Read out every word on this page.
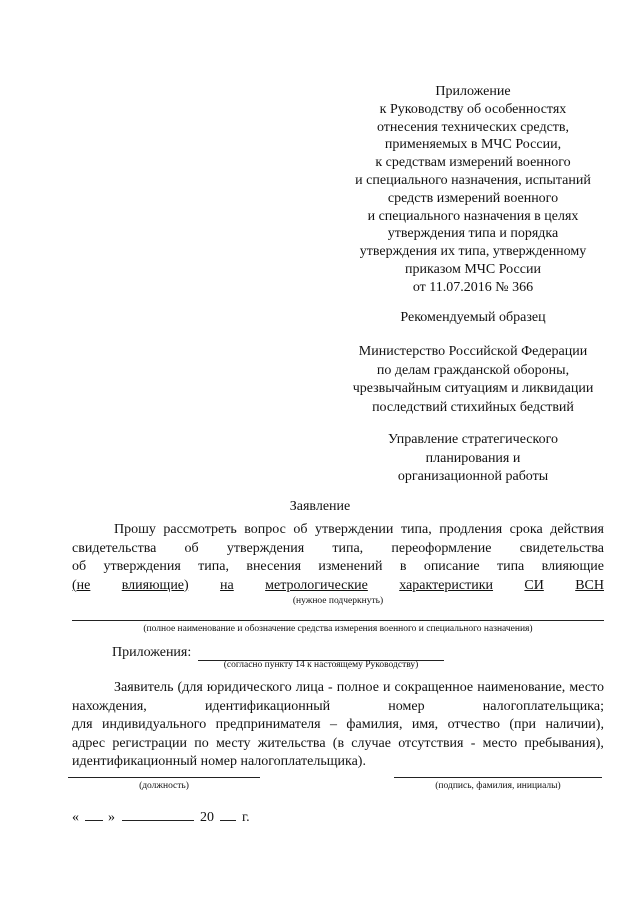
Приложение
к Руководству об особенностях
отнесения технических средств,
применяемых в МЧС России,
к средствам измерений военного
и специального назначения, испытаний
средств измерений военного
и специального назначения в целях
утверждения типа и порядка
утверждения их типа, утвержденному
приказом МЧС России
от 11.07.2016 № 366
Рекомендуемый образец
Министерство Российской Федерации
по делам гражданской обороны,
чрезвычайным ситуациям и ликвидации
последствий стихийных бедствий
Управление стратегического
планирования и
организационной работы
Заявление
Прошу рассмотреть вопрос об утверждении типа, продления срока действия
свидетельства об утверждения типа, переоформление свидетельства
об утверждения типа, внесения изменений в описание типа влияющие
(не влияющие) на метрологические характеристики СИ ВСН
(нужное подчеркнуть)
(полное наименование и обозначение средства измерения военного и специального назначения)
Приложения:
(согласно пункту 14 к настоящему Руководству)
Заявитель (для юридического лица - полное и сокращенное наименование, место
нахождения,	идентификационный	номер	налогоплательщика;
для индивидуального предпринимателя – фамилия, имя, отчество (при наличии),
адрес регистрации по месту жительства (в случае отсутствия - место пребывания),
идентификационный номер налогоплательщика).
(должность)	(подпись, фамилия, инициалы)
« »	20 г.
